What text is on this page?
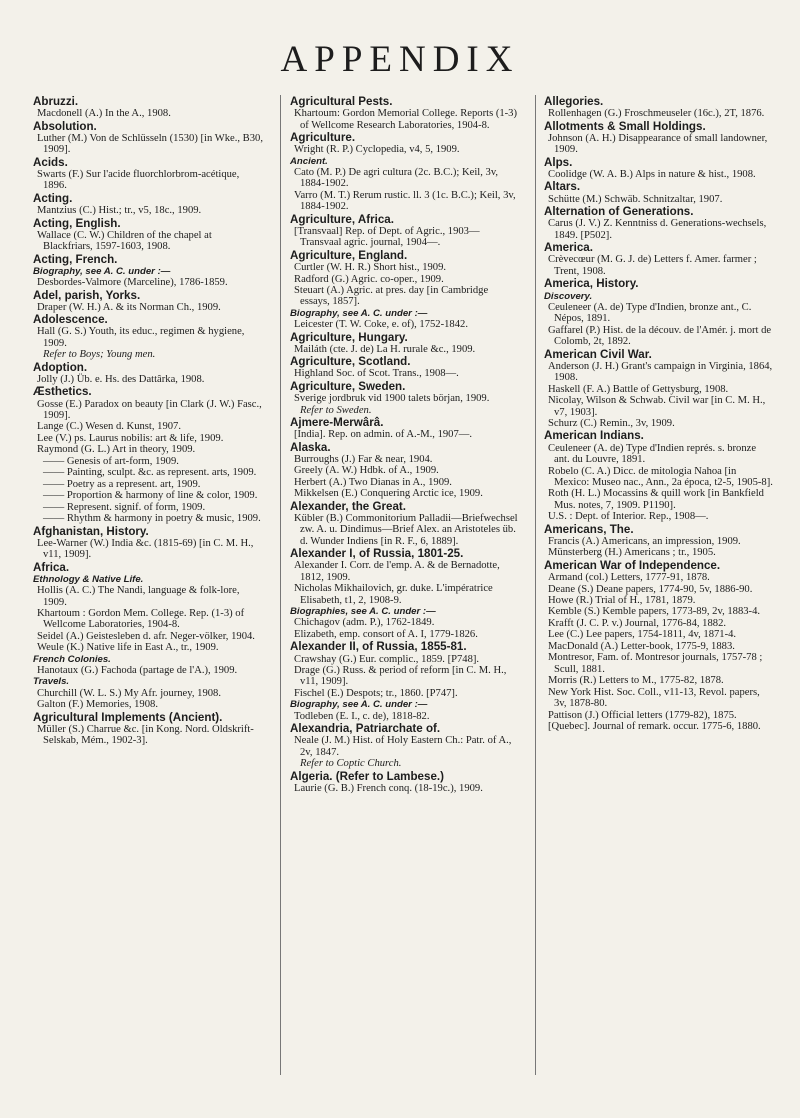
APPENDIX
Abruzzi.
Macdonell (A.) In the A., 1908.
Absolution.
Luther (M.) Von de Schlüsseln (1530) [in Wke., B30, 1909].
Acids.
Swarts (F.) Sur l'acide fluorchlorbrom-acétique, 1896.
Acting.
Mantzius (C.) Hist.; tr., v5, 18c., 1909.
Acting, English.
Wallace (C. W.) Children of the chapel at Blackfriars, 1597-1603, 1908.
Acting, French.
Biography, see A. C. under :—
Desbordes-Valmore (Marceline), 1786-1859.
Adel, parish, Yorks.
Draper (W. H.) A. & its Norman Ch., 1909.
Adolescence.
Hall (G. S.) Youth, its educ., regimen & hygiene, 1909.
Refer to Boys; Young men.
Adoption.
Jolly (J.) Üb. e. Hs. des Dattârka, 1908.
Æsthetics.
Gosse (E.) Paradox on beauty [in Clark (J. W.) Fasc., 1909].
Lange (C.) Wesen d. Kunst, 1907.
Lee (V.) ps. Laurus nobilis: art & life, 1909.
Raymond (G. L.) Art in theory, 1909.
—— Genesis of art-form, 1909.
—— Painting, sculpt. &c. as represent. arts, 1909.
—— Poetry as a represent. art, 1909.
—— Proportion & harmony of line & color, 1909.
—— Represent. signif. of form, 1909.
—— Rhythm & harmony in poetry & music, 1909.
Afghanistan, History.
Lee-Warner (W.) India &c. (1815-69) [in C. M. H., v11, 1909].
Africa.
Ethnology & Native Life.
Hollis (A. C.) The Nandi, language & folk-lore, 1909.
Khartoum : Gordon Mem. College. Rep. (1-3) of Wellcome Laboratories, 1904-8.
Seidel (A.) Geistesleben d. afr. Neger-völker, 1904.
Weule (K.) Native life in East A., tr., 1909.
French Colonies.
Hanotaux (G.) Fachoda (partage de l'A.), 1909.
Travels.
Churchill (W. L. S.) My Afr. journey, 1908.
Galton (F.) Memories, 1908.
Agricultural Implements (Ancient).
Müller (S.) Charrue &c. [in Kong. Nord. Oldskrift-Selskab, Mém., 1902-3].
Agricultural Pests.
Khartoum: Gordon Memorial College. Reports (1-3) of Wellcome Research Laboratories, 1904-8.
Agriculture.
Wright (R. P.) Cyclopedia, v4, 5, 1909.
Ancient.
Cato (M. P.) De agri cultura (2c. B.C.); Keil, 3v, 1884-1902.
Varro (M. T.) Rerum rustic. ll. 3 (1c. B.C.); Keil, 3v, 1884-1902.
Agriculture, Africa.
[Transvaal] Rep. of Dept. of Agric., 1903—Transvaal agric. journal, 1904—.
Agriculture, England.
Curtler (W. H. R.) Short hist., 1909.
Radford (G.) Agric. co-oper., 1909.
Steuart (A.) Agric. at pres. day [in Cambridge essays, 1857].
Biography, see A. C. under :—
Leicester (T. W. Coke, e. of), 1752-1842.
Agriculture, Hungary.
Mailáth (cte. J. de) La H. rurale &c., 1909.
Agriculture, Scotland.
Highland Soc. of Scot. Trans., 1908—.
Agriculture, Sweden.
Sverige jordbruk vid 1900 talets början, 1909.
Refer to Sweden.
Ajmere-Merwârâ.
[India]. Rep. on admin. of A.-M., 1907—.
Alaska.
Burroughs (J.) Far & near, 1904.
Greely (A. W.) Hdbk. of A., 1909.
Herbert (A.) Two Dianas in A., 1909.
Mikkelsen (E.) Conquering Arctic ice, 1909.
Alexander, the Great.
Kübler (B.) Commonitorium Palladii—Briefwechsel zw. A. u. Dindimus—Brief Alex. an Aristoteles üb. d. Wunder Indiens [in R. F., 6, 1889].
Alexander I, of Russia, 1801-25.
Alexander I. Corr. de l'emp. A. & de Bernadotte, 1812, 1909.
Nicholas Mikhailovich, gr. duke. L'impératrice Elisabeth, t1, 2, 1908-9.
Biographies, see A. C. under :—
Chichagov (adm. P.), 1762-1849.
Elizabeth, emp. consort of A. I, 1779-1826.
Alexander II, of Russia, 1855-81.
Crawshay (G.) Eur. complic., 1859. [P748].
Drage (G.) Russ. & period of reform [in C. M. H., v11, 1909].
Fischel (E.) Despots; tr., 1860. [P747].
Biography, see A. C. under :—
Todleben (E. I., c. de), 1818-82.
Alexandria, Patriarchate of.
Neale (J. M.) Hist. of Holy Eastern Ch.: Patr. of A., 2v, 1847.
Refer to Coptic Church.
Algeria. (Refer to Lambese.)
Laurie (G. B.) French conq. (18-19c.), 1909.
Allegories.
Rollenhagen (G.) Froschmeuseler (16c.), 2T, 1876.
Allotments & Small Holdings.
Johnson (A. H.) Disappearance of small landowner, 1909.
Alps.
Coolidge (W. A. B.) Alps in nature & hist., 1908.
Altars.
Schütte (M.) Schwäb. Schnitzaltar, 1907.
Alternation of Generations.
Carus (J. V.) Z. Kenntniss d. Generations-wechsels, 1849. [P502].
America.
Crèvecœur (M. G. J. de) Letters f. Amer. farmer ; Trent, 1908.
America, History.
Discovery.
Ceuleneer (A. de) Type d'Indien, bronze ant., C. Népos, 1891.
Gaffarel (P.) Hist. de la découv. de l'Amér. j. mort de Colomb, 2t, 1892.
American Civil War.
Anderson (J. H.) Grant's campaign in Virginia, 1864, 1908.
Haskell (F. A.) Battle of Gettysburg, 1908.
Nicolay, Wilson & Schwab. Civil war [in C. M. H., v7, 1903].
Schurz (C.) Remin., 3v, 1909.
American Indians.
Ceuleneer (A. de) Type d'Indien représ. s. bronze ant. du Louvre, 1891.
Robelo (C. A.) Dicc. de mitologia Nahoa [in Mexico: Museo nac., Ann., 2a época, t2-5, 1905-8].
Roth (H. L.) Mocassins & quill work [in Bankfield Mus. notes, 7, 1909. P1190].
U.S. : Dept. of Interior. Rep., 1908—.
Americans, The.
Francis (A.) Americans, an impression, 1909.
Münsterberg (H.) Americans ; tr., 1905.
American War of Independence.
Armand (col.) Letters, 1777-91, 1878.
Deane (S.) Deane papers, 1774-90, 5v, 1886-90.
Howe (R.) Trial of H., 1781, 1879.
Kemble (S.) Kemble papers, 1773-89, 2v, 1883-4.
Krafft (J. C. P. v.) Journal, 1776-84, 1882.
Lee (C.) Lee papers, 1754-1811, 4v, 1871-4.
MacDonald (A.) Letter-book, 1775-9, 1883.
Montresor, Fam. of. Montresor journals, 1757-78 ; Scull, 1881.
Morris (R.) Letters to M., 1775-82, 1878.
New York Hist. Soc. Coll., v11-13, Revol. papers, 3v, 1878-80.
Pattison (J.) Official letters (1779-82), 1875.
[Quebec]. Journal of remark. occur. 1775-6, 1880.
